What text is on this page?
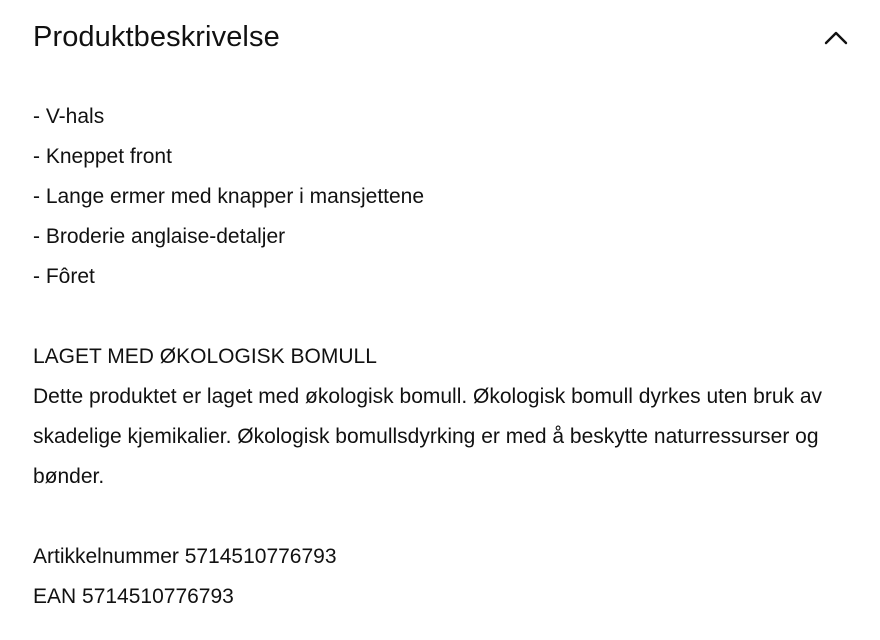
Produktbeskrivelse
- V-hals
- Kneppet front
- Lange ermer med knapper i mansjettene
- Broderie anglaise-detaljer
- Fôret
LAGET MED ØKOLOGISK BOMULL

Dette produktet er laget med økologisk bomull. Økologisk bomull dyrkes uten bruk av skadelige kjemikalier. Økologisk bomullsdyrking er med å beskytte naturressurser og bønder.

Artikkelnummer 5714510776793

EAN 5714510776793
